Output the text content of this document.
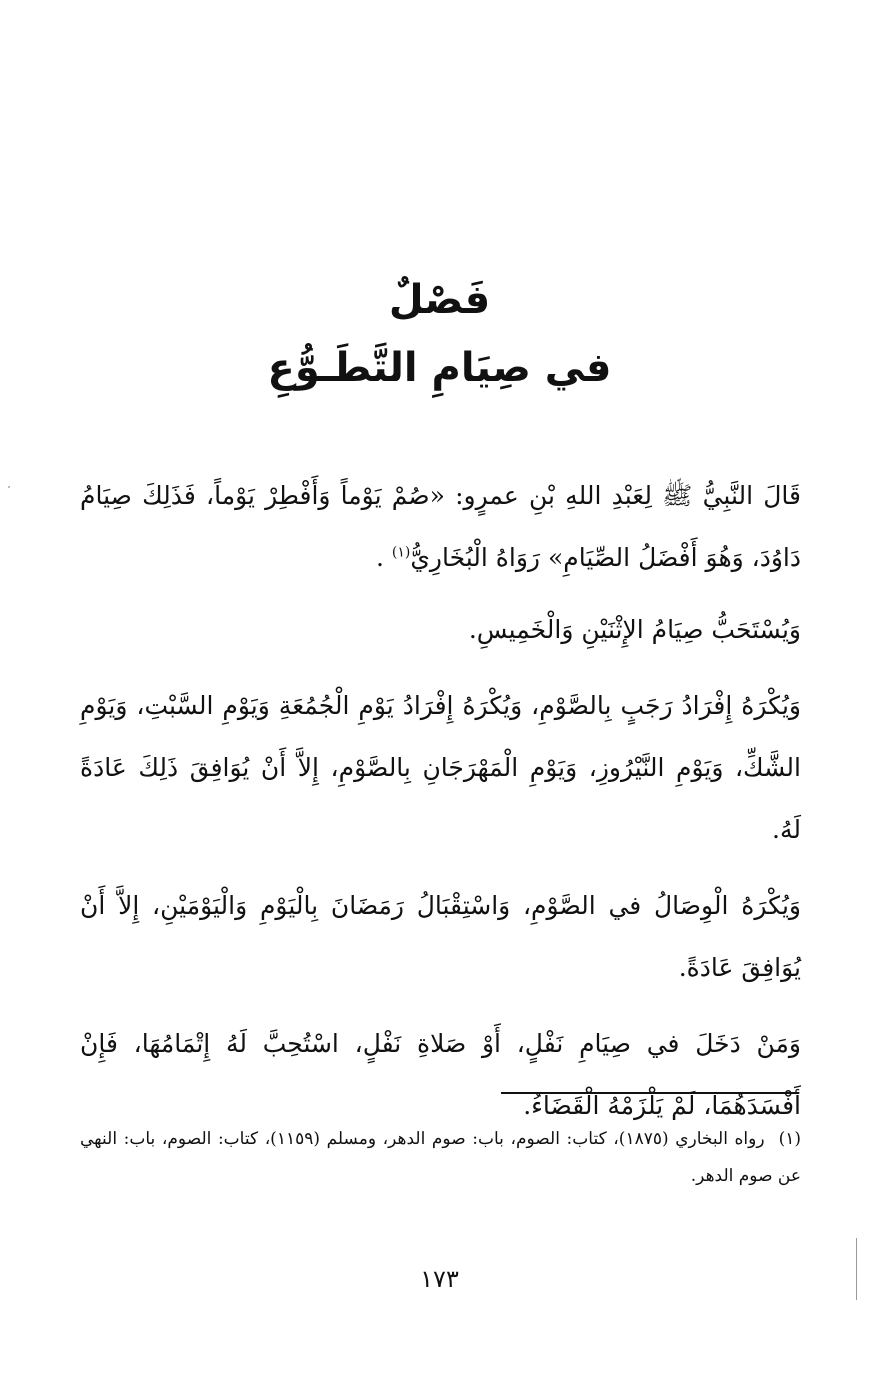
فَصْلٌ
في صِيَامِ التَّطَـوُّعِ

قَالَ النَّبِيُّ ﷺ لِعَبْدِ اللهِ بْنِ عمرٍو: «صُمْ يَوْماً وَأَفْطِرْ يَوْماً، فَذَلِكَ صِيَامُ دَاوُدَ، وَهُوَ أَفْضَلُ الصِّيَامِ» رَوَاهُ الْبُخَارِيُّ$^{(١)}$ .

وَيُسْتَحَبُّ صِيَامُ الإِثْنَيْنِ وَالْخَمِيسِ.

وَيُكْرَهُ إِفْرَادُ رَجَبٍ بِالصَّوْمِ، وَيُكْرَهُ إِفْرَادُ يَوْمِ الْجُمُعَةِ وَيَوْمِ السَّبْتِ، وَيَوْمِ الشَّكِّ، وَيَوْمِ النَّيْرُوزِ، وَيَوْمِ الْمَهْرَجَانِ بِالصَّوْمِ، إِلاَّ أَنْ يُوَافِقَ ذَلِكَ عَادَةً لَهُ.

وَيُكْرَهُ الْوِصَالُ في الصَّوْمِ، وَاسْتِقْبَالُ رَمَضَانَ بِالْيَوْمِ وَالْيَوْمَيْنِ، إِلاَّ أَنْ يُوَافِقَ عَادَةً.

وَمَنْ دَخَلَ في صِيَامِ نَفْلٍ، أَوْ صَلاةِ نَفْلٍ، اسْتُحِبَّ لَهُ إِتْمَامُهَا، فَإِنْ أَفْسَدَهُمَا، لَمْ يَلْزَمْهُ الْقَضَاءُ.

(١)رواه البخاري (١٨٧٥)، كتاب: الصوم، باب: صوم الدهر، ومسلم (١١٥٩)، كتاب: الصوم، باب: النهي عن صوم الدهر.
١٧٣
